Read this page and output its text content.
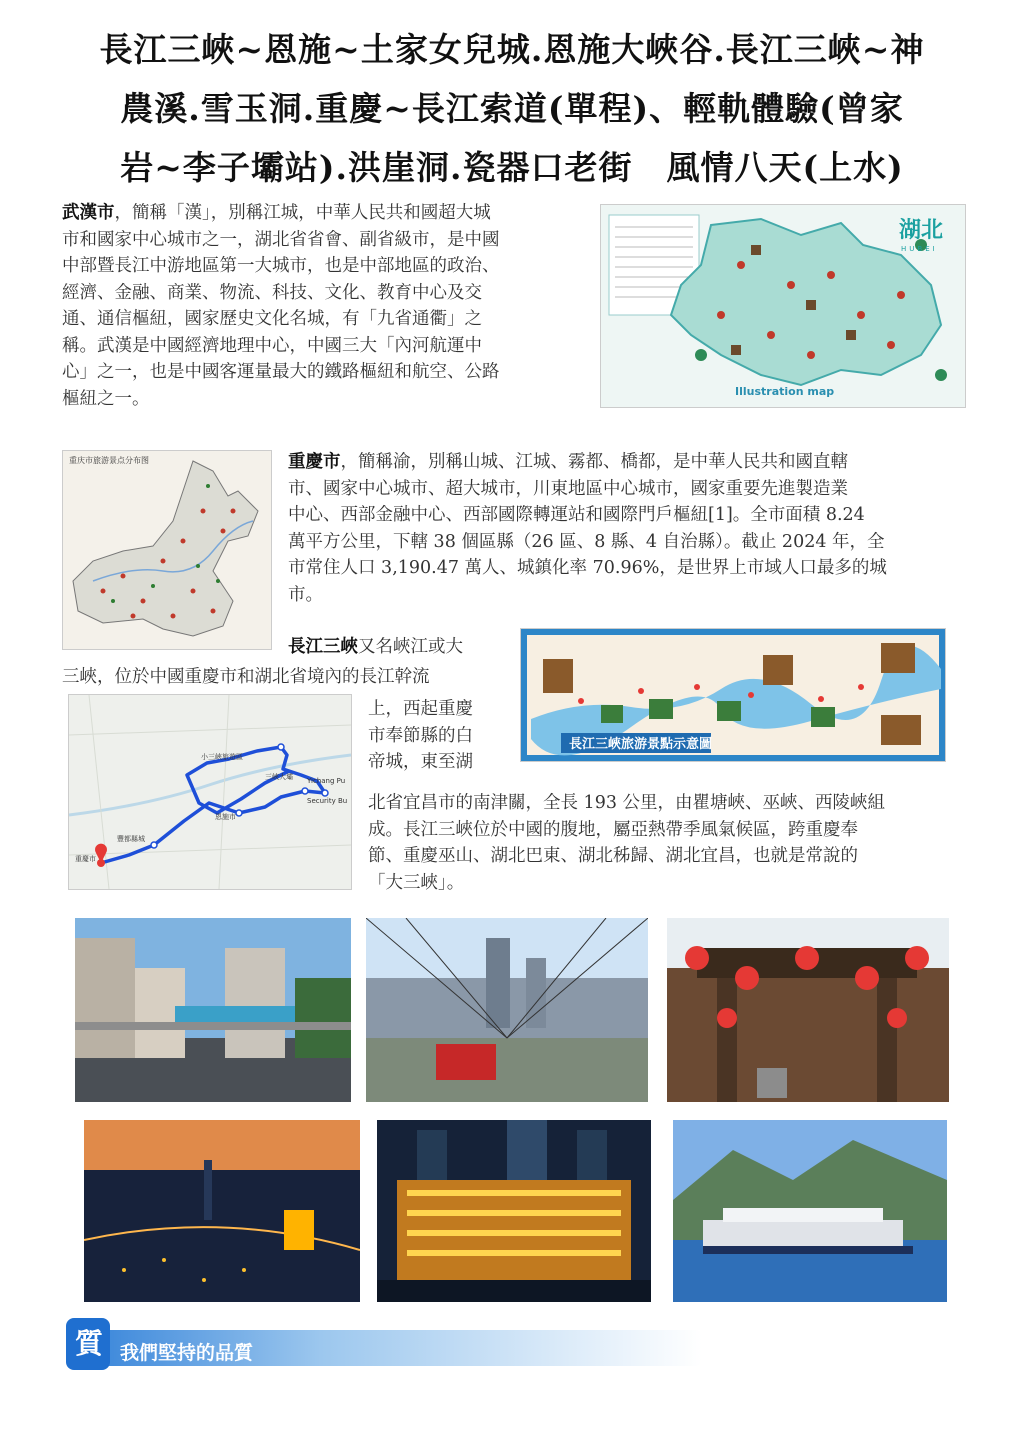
長江三峽~恩施~土家女兒城.恩施大峽谷.長江三峽~神
農溪.雪玉洞.重慶~長江索道(單程)、輕軌體驗(曾家
岩~李子壩站).洪崖洞.瓷器口老街　風情八天(上水)
武漢市，簡稱「漢」，別稱江城，中華人民共和國超大城
市和國家中心城市之一，湖北省省會、副省級市，是中國
中部暨長江中游地區第一大城市，也是中部地區的政治、
經濟、金融、商業、物流、科技、文化、教育中心及交
通、通信樞紐，國家歷史文化名城，有「九省通衢」之
稱。武漢是中國經濟地理中心，中國三大「內河航運中
心」之一，也是中國客運量最大的鐵路樞紐和航空、公路
樞紐之一。
湖北
HUBEI
Illustration map
重庆市旅游景点分布图	重慶市，簡稱渝，別稱山城、江城、霧都、橋都，是中華人民共和國直轄
市、國家中心城市、超大城市，川東地區中心城市，國家重要先進製造業
中心、西部金融中心、西部國際轉運站和國際門戶樞紐[1]。全市面積 8.24
萬平方公里，下轄 38 個區縣（26 區、8 縣、4 自治縣）。截止 2024 年，全
市常住人口 3,190.47 萬人、城鎮化率 70.96%，是世界上市域人口最多的城
市。
長江三峽又名峽江或大
三峽，位於中國重慶市和湖北省境內的長江幹流
上，西起重慶
市奉節縣的白
帝城，東至湖
北省宜昌市的南津關，全長 193 公里，由瞿塘峽、巫峽、西陵峽組
成。長江三峽位於中國的腹地，屬亞熱帶季風氣候區，跨重慶奉
節、重慶巫山、湖北巴東、湖北秭歸、湖北宜昌，也就是常說的
「大三峽」。
長江三峽旅游景點示意圖
小三峽旅遊區
三峽大壩 Yichang Pu
Security Bu
恩施市
豐都縣城
重慶市
質 我們堅持的品質
